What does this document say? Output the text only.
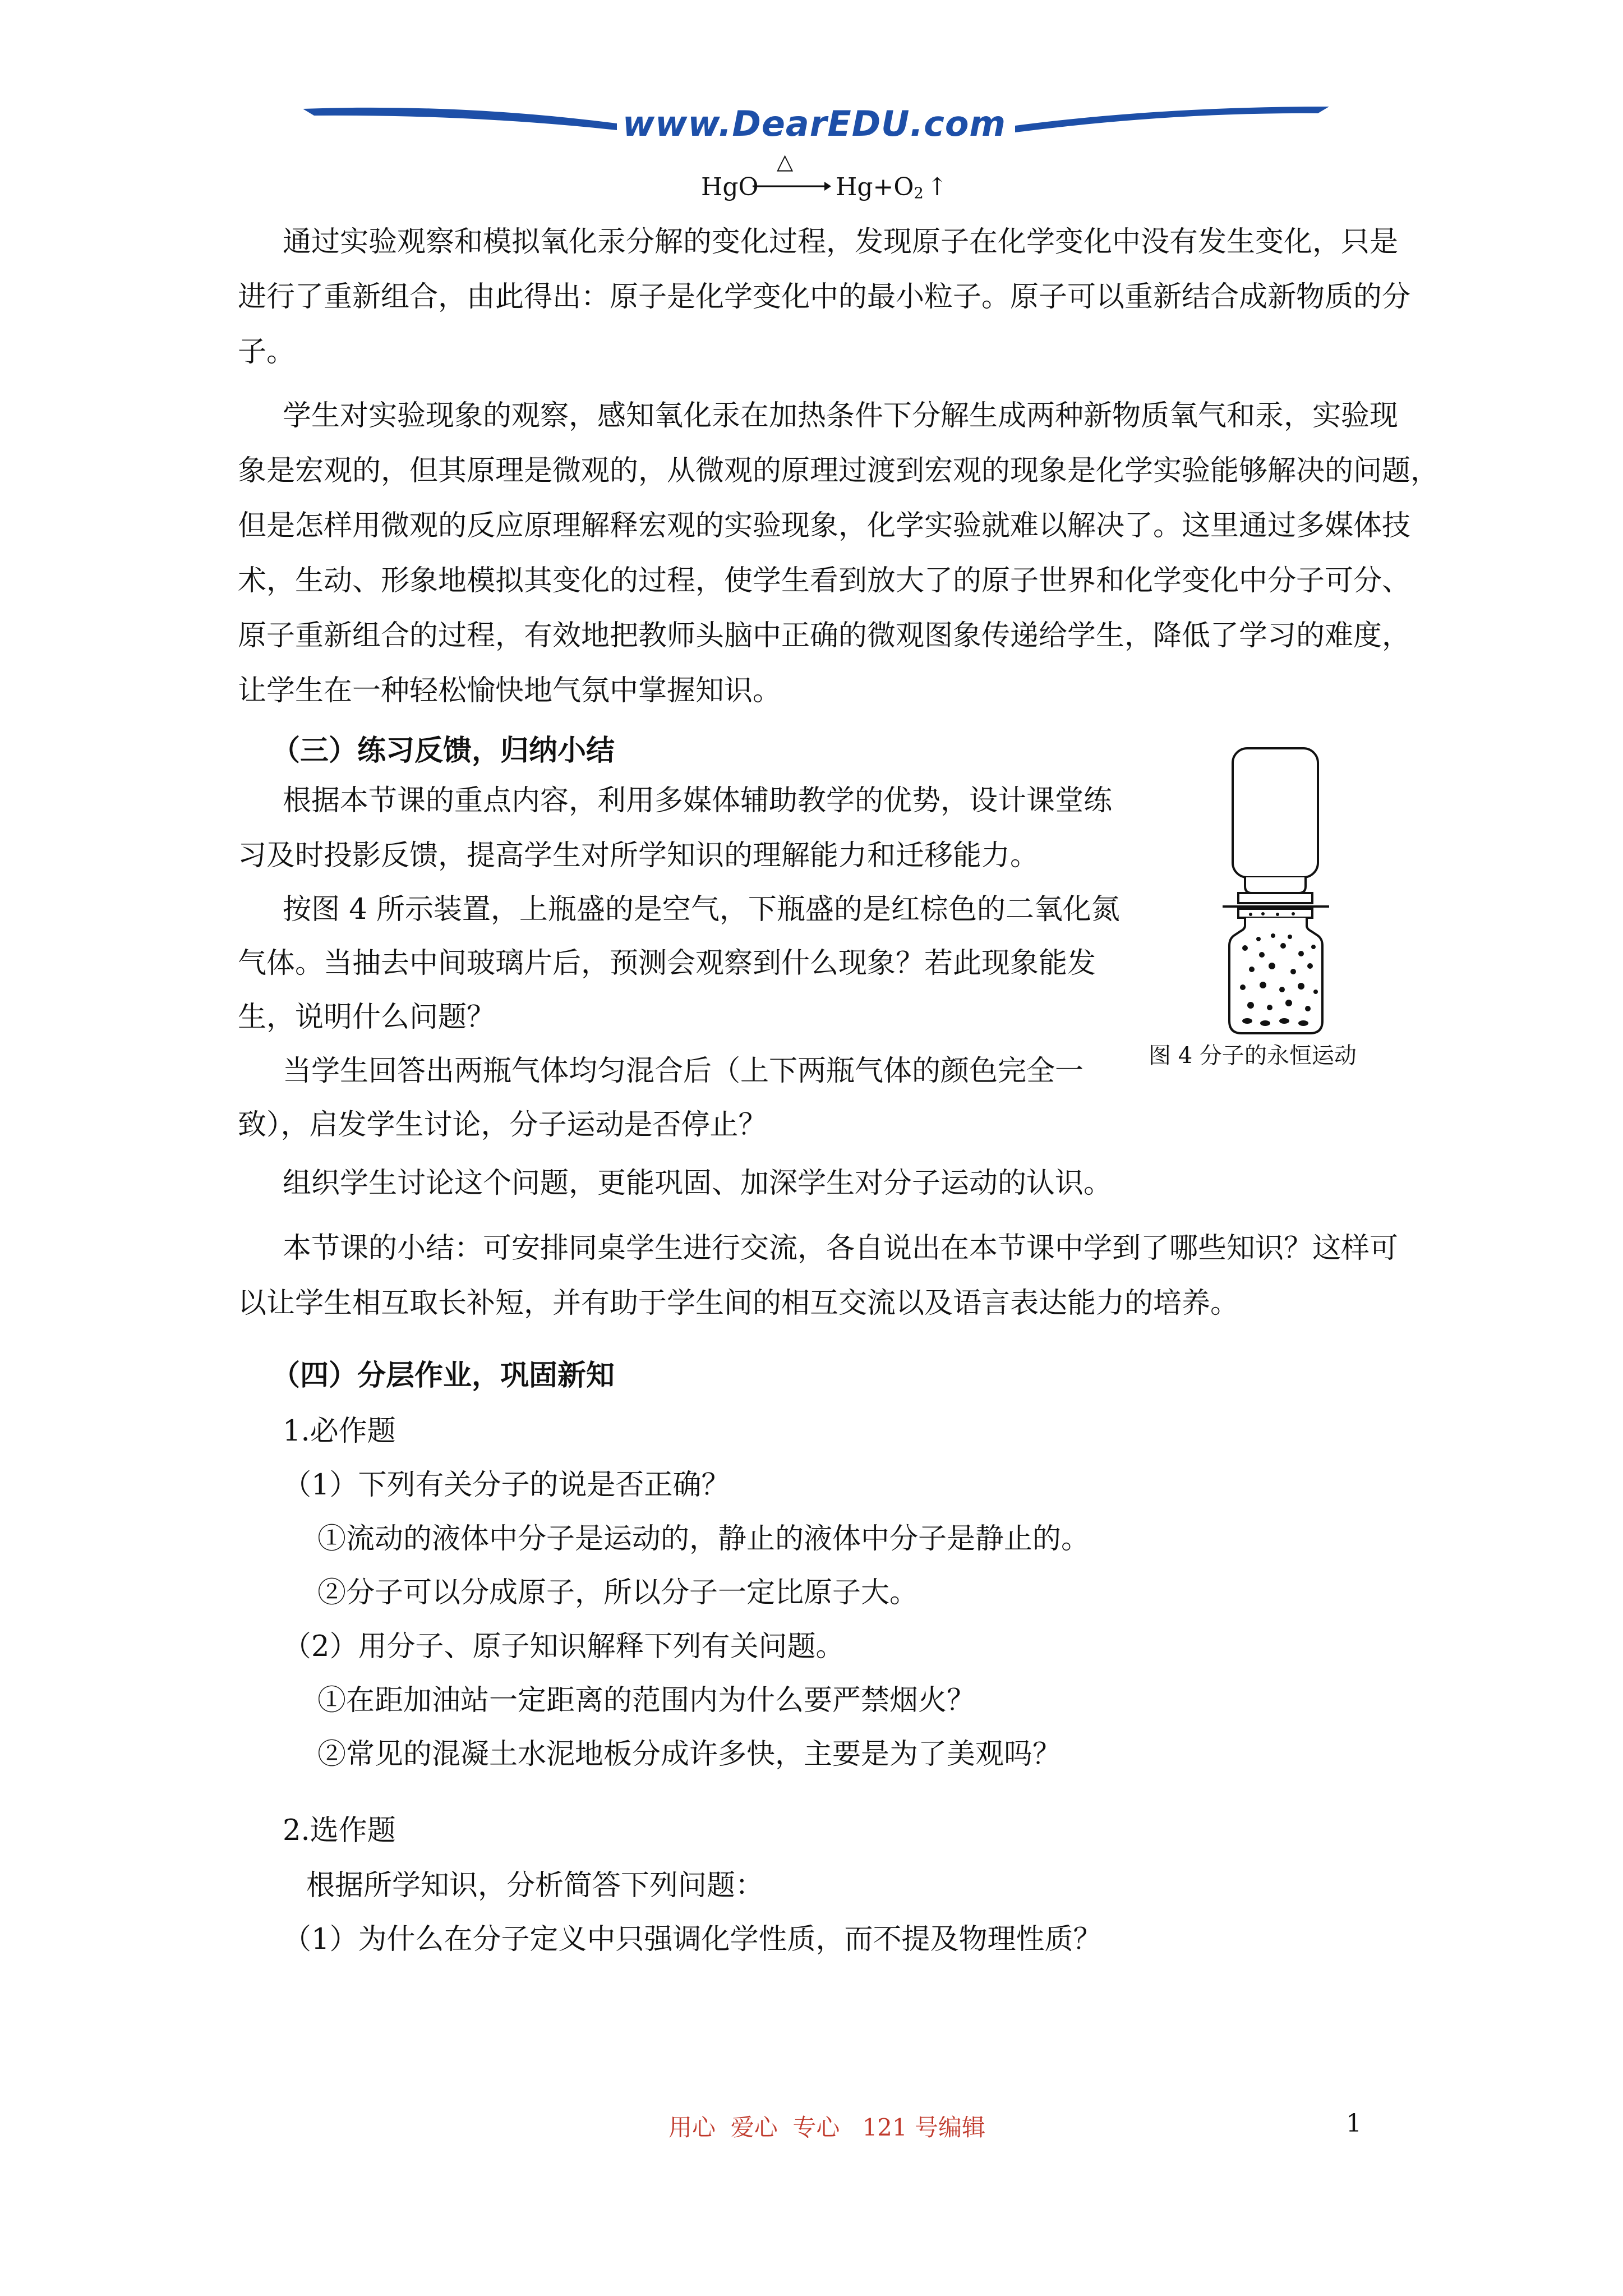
www.DearEDU.com
HgO
△
→ $Hg+O_2$ ↑
通过实验观察和模拟氧化汞分解的变化过程，发现原子在化学变化中没有发生变化，只是
进行了重新组合，由此得出：原子是化学变化中的最小粒子。原子可以重新结合成新物质的分
子。
学生对实验现象的观察，感知氧化汞在加热条件下分解生成两种新物质氧气和汞，实验现
象是宏观的，但其原理是微观的，从微观的原理过渡到宏观的现象是化学实验能够解决的问题，
但是怎样用微观的反应原理解释宏观的实验现象，化学实验就难以解决了。这里通过多媒体技
术，生动、形象地模拟其变化的过程，使学生看到放大了的原子世界和化学变化中分子可分、
原子重新组合的过程，有效地把教师头脑中正确的微观图象传递给学生，降低了学习的难度，
让学生在一种轻松愉快地气氛中掌握知识。
（三）练习反馈，归纳小结
根据本节课的重点内容，利用多媒体辅助教学的优势，设计课堂练
习及时投影反馈，提高学生对所学知识的理解能力和迁移能力。
按图 4 所示装置，上瓶盛的是空气，下瓶盛的是红棕色的二氧化氮
气体。当抽去中间玻璃片后，预测会观察到什么现象？若此现象能发
生，说明什么问题？
当学生回答出两瓶气体均匀混合后（上下两瓶气体的颜色完全一
致），启发学生讨论，分子运动是否停止？
图 4 分子的永恒运动
组织学生讨论这个问题，更能巩固、加深学生对分子运动的认识。
本节课的小结：可安排同桌学生进行交流，各自说出在本节课中学到了哪些知识？这样可
以让学生相互取长补短，并有助于学生间的相互交流以及语言表达能力的培养。
（四）分层作业，巩固新知
1.必作题
（1）下列有关分子的说是否正确？
①流动的液体中分子是运动的，静止的液体中分子是静止的。
②分子可以分成原子，所以分子一定比原子大。
（2）用分子、原子知识解释下列有关问题。
①在距加油站一定距离的范围内为什么要严禁烟火？
②常见的混凝土水泥地板分成许多快，主要是为了美观吗？
2.选作题
根据所学知识，分析简答下列问题：
（1）为什么在分子定义中只强调化学性质，而不提及物理性质？
用心  爱心  专心   121 号编辑	1
